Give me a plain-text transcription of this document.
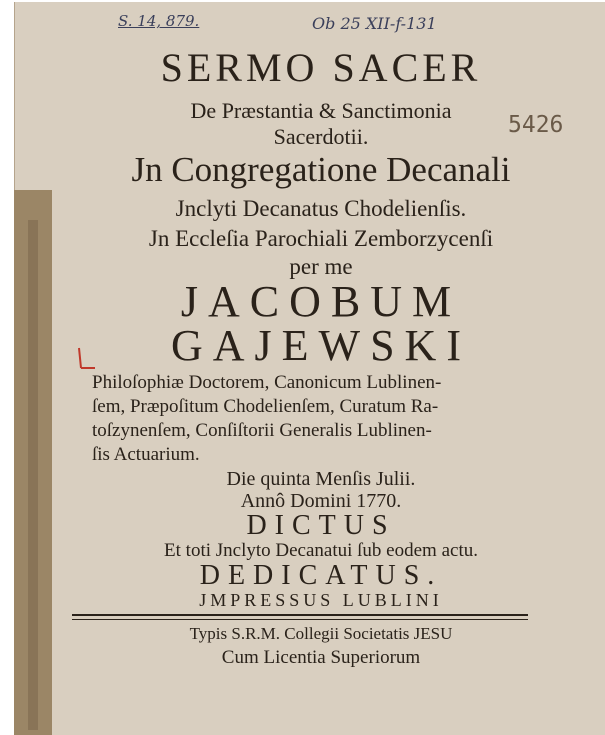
S. 14, 879.	Ob 25 XII-f-131
5426
SERMO SACER
De Præstantia & Sanctimonia
Sacerdotii.
Jn Congregatione Decanali
Jnclyti Decanatus Chodelienſis.
Jn Eccleſia Parochiali Zemborzycenſi
per me
JACOBUM
GAJEWSKI
Philoſophiæ Doctorem, Canonicum Lublinen-
ſem, Præpoſitum Chodelienſem, Curatum Ra-
toſzynenſem, Conſiſtorii Generalis Lublinen-
ſis Actuarium.
Die quinta Menſis Julii.
Annô Domini 1770.
DICTUS
Et toti Jnclyto Decanatui ſub eodem actu.
DEDICATUS.
JMPRESSUS LUBLINI
Typis S.R.M. Collegii Societatis JESU
Cum Licentia Superiorum
